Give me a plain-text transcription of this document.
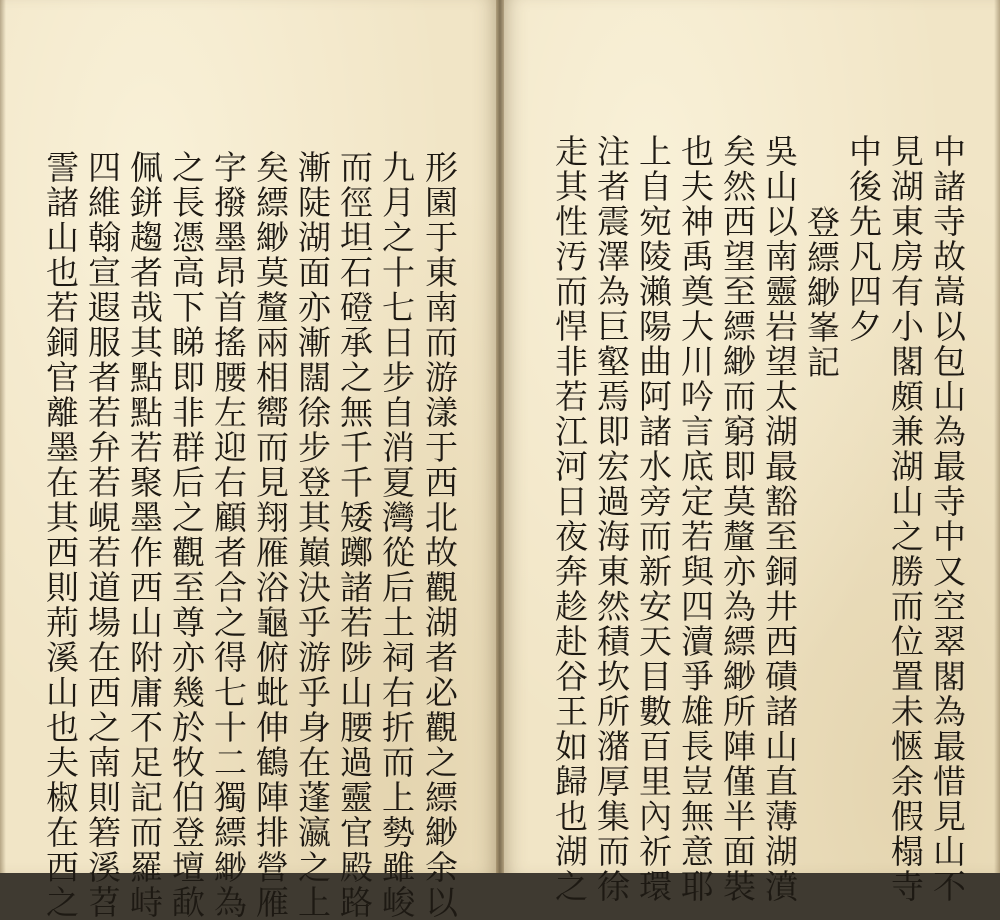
形園于東南而游漾于西北故觀湖者必觀之縹緲余以
九月之十七日步自消夏灣從后土祠右折而上勢雖峻
而徑坦石磴承之無千千矮躑諸若陟山腰過靈官殿路
漸陡湖面亦漸闊徐步登其巔決乎游乎身在蓬瀛之上
矣縹緲莫釐兩相嚮而見翔雁浴龜俯蚍伸鶴陣排營雁
字撥墨昂首搖腰左迎右顧者合之得七十二獨縹緲為
之長憑高下睇即非群后之觀至尊亦幾於牧伯登壇歃
佩鉼趨者哉其點點若聚墨作西山附庸不足記而羅峙
四維翰宣遐服者若弁若峴若道場在西之南則箬溪苕
霅諸山也若銅官離墨在其西則荊溪山也夫椒在西之	中諸寺故嵩以包山為最寺中又空翠閣為最惜見山不
見湖東房有小閣頗兼湖山之勝而位置未愜余假榻寺
中後先凡四夕
登縹緲峯記
吳山以南靈岩望太湖最豁至銅井西磧諸山直薄湖濆
矣然西望至縹緲而窮即莫釐亦為縹緲所陣僅半面裝
也夫神禹奠大川吟言底定若與四瀆爭雄長豈無意耶
上自宛陵瀨陽曲阿諸水旁而新安天目數百里內祈環
注者震澤為巨壑焉即宏過海東然積坎所潴厚集而徐
走其性汚而悍非若江河日夜奔趁赴谷王如歸也湖之
